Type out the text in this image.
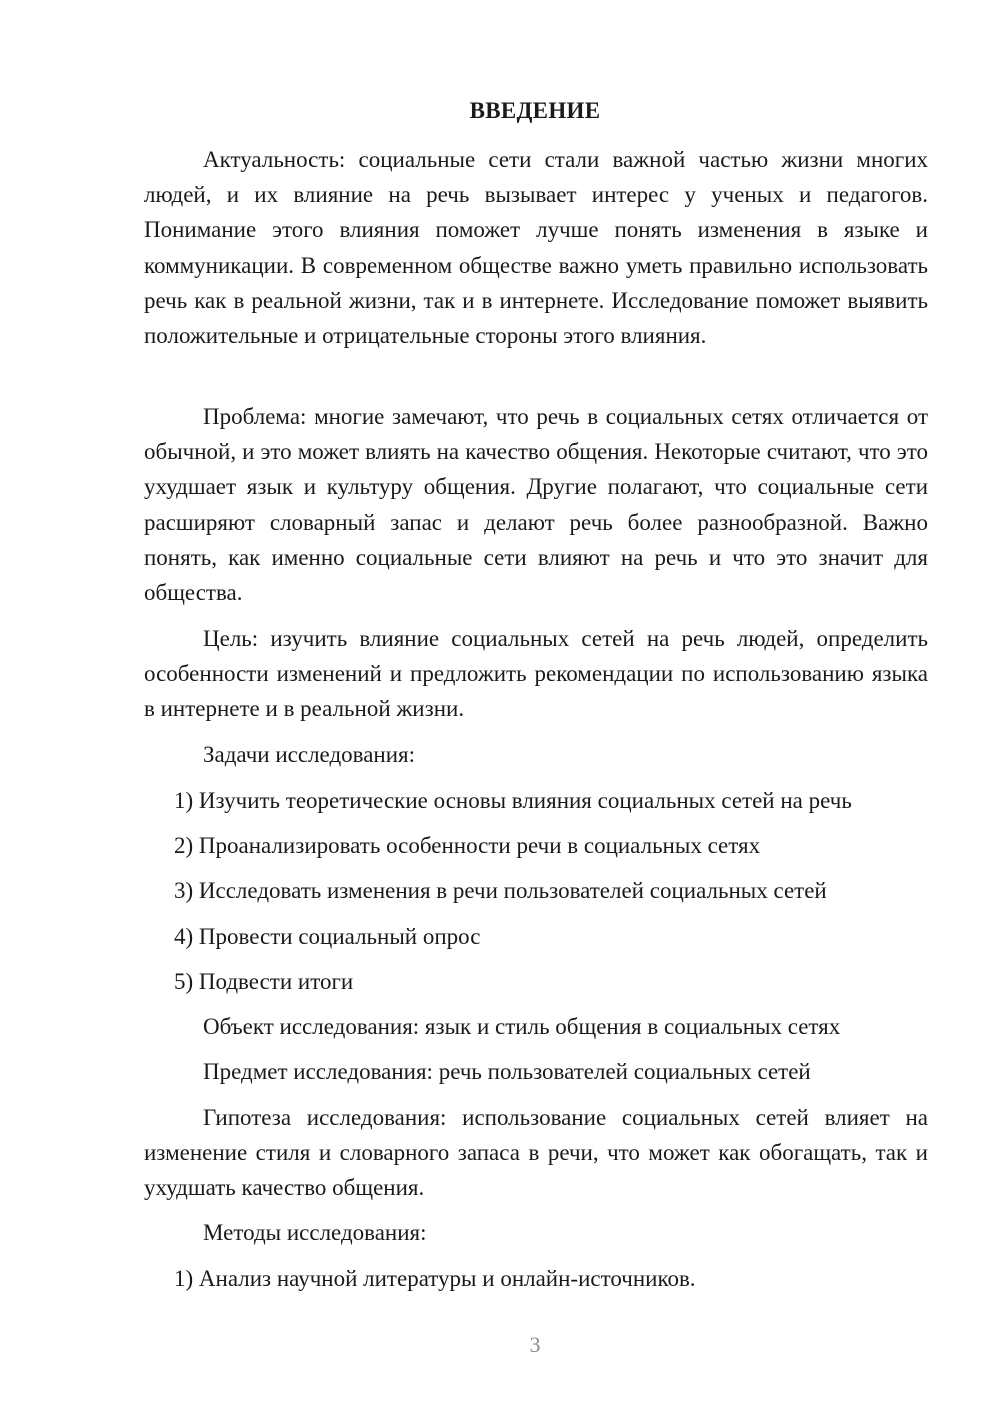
ВВЕДЕНИЕ

Актуальность: социальные сети стали важной частью жизни многих людей, и их влияние на речь вызывает интерес у ученых и педагогов. Понимание этого влияния поможет лучше понять изменения в языке и коммуникации. В современном обществе важно уметь правильно использовать речь как в реальной жизни, так и в интернете. Исследование поможет выявить положительные и отрицательные стороны этого влияния.

Проблема: многие замечают, что речь в социальных сетях отличается от обычной, и это может влиять на качество общения. Некоторые считают, что это ухудшает язык и культуру общения. Другие полагают, что социальные сети расширяют словарный запас и делают речь более разнообразной. Важно понять, как именно социальные сети влияют на речь и что это значит для общества.

Цель: изучить влияние социальных сетей на речь людей, определить особенности изменений и предложить рекомендации по использованию языка в интернете и в реальной жизни.

Задачи исследования:

1) Изучить теоретические основы влияния социальных сетей на речь

2) Проанализировать особенности речи в социальных сетях

3) Исследовать изменения в речи пользователей социальных сетей

4) Провести социальный опрос

5) Подвести итоги

Объект исследования: язык и стиль общения в социальных сетях

Предмет исследования: речь пользователей социальных сетей

Гипотеза исследования: использование социальных сетей влияет на изменение стиля и словарного запаса в речи, что может как обогащать, так и ухудшать качество общения.

Методы исследования:

1) Анализ научной литературы и онлайн-источников.

3
